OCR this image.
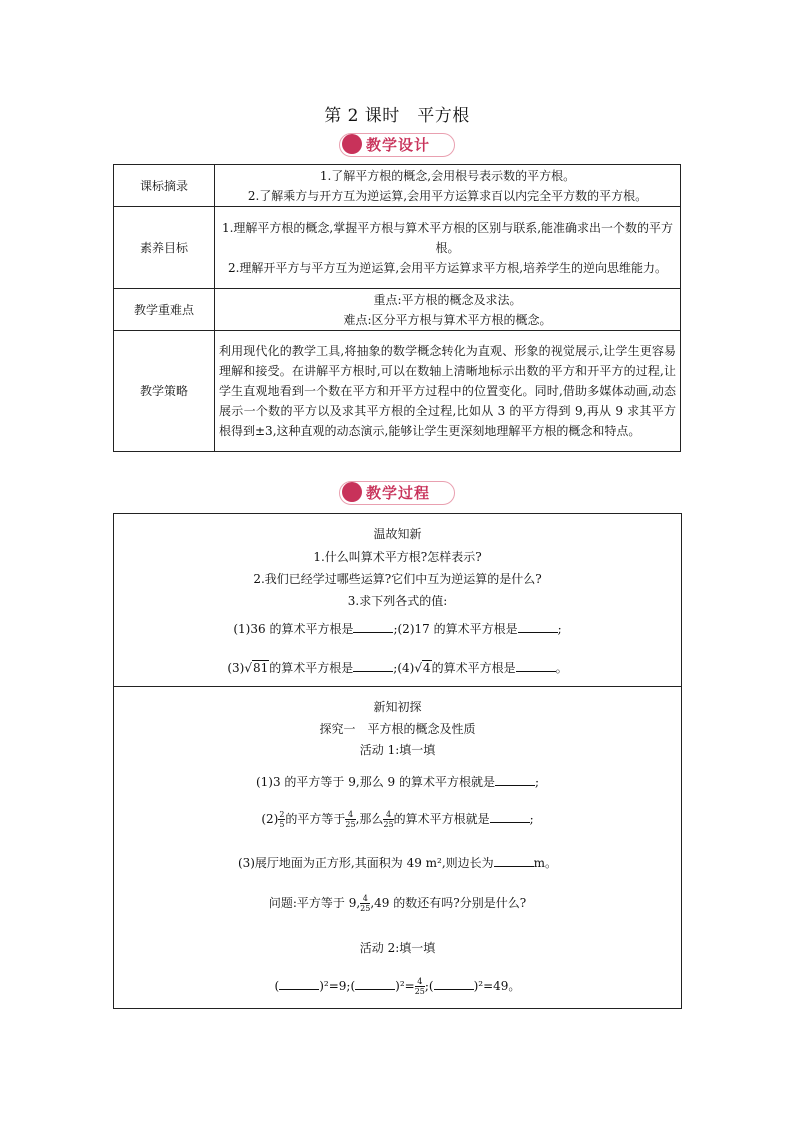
第 2 课时　平方根
教学设计
课标摘录	1.了解平方根的概念,会用根号表示数的平方根。
2.了解乘方与开方互为逆运算,会用平方运算求百以内完全平方数的平方根。

素养目标	1.理解平方根的概念,掌握平方根与算术平方根的区别与联系,能准确求出一个数的平方根。
2.理解开平方与平方互为逆运算,会用平方运算求平方根,培养学生的逆向思维能力。

教学重难点	重点:平方根的概念及求法。
难点:区分平方根与算术平方根的概念。

教学策略	利用现代化的教学工具,将抽象的数学概念转化为直观、形象的视觉展示,让学生更容易理解和接受。在讲解平方根时,可以在数轴上清晰地标示出数的平方和开平方的过程,让学生直观地看到一个数在平方和开平方过程中的位置变化。同时,借助多媒体动画,动态展示一个数的平方以及求其平方根的全过程,比如从 3 的平方得到 9,再从 9 求其平方根得到±3,这种直观的动态演示,能够让学生更深刻地理解平方根的概念和特点。
教学过程
温故知新
1.什么叫算术平方根?怎样表示?
2.我们已经学过哪些运算?它们中互为逆运算的是什么?
3.求下列各式的值:
(1)36 的算术平方根是	;(2)17 的算术平方根是	;
(3)√81的算术平方根是	;(4)√4的算术平方根是	。
新知初探
探究一　平方根的概念及性质
活动 1:填一填
(1)3 的平方等于 9,那么 9 的算术平方根就是	;
$(2) \frac{2}{5}$ 的平方等于 $\frac{4}{25}$ ,那么 $\frac{4}{25}$ 的算术平方根就是	;
(3)展厅地面为正方形,其面积为 49 m²,则边长为	m。
问题:平方等于 9, $\frac{4}{25} ,49$ 的数还有吗?分别是什么?
活动 2:填一填
(	)²=9;(	)$^2= \frac{4}{25}$ ;(	)²=49。
